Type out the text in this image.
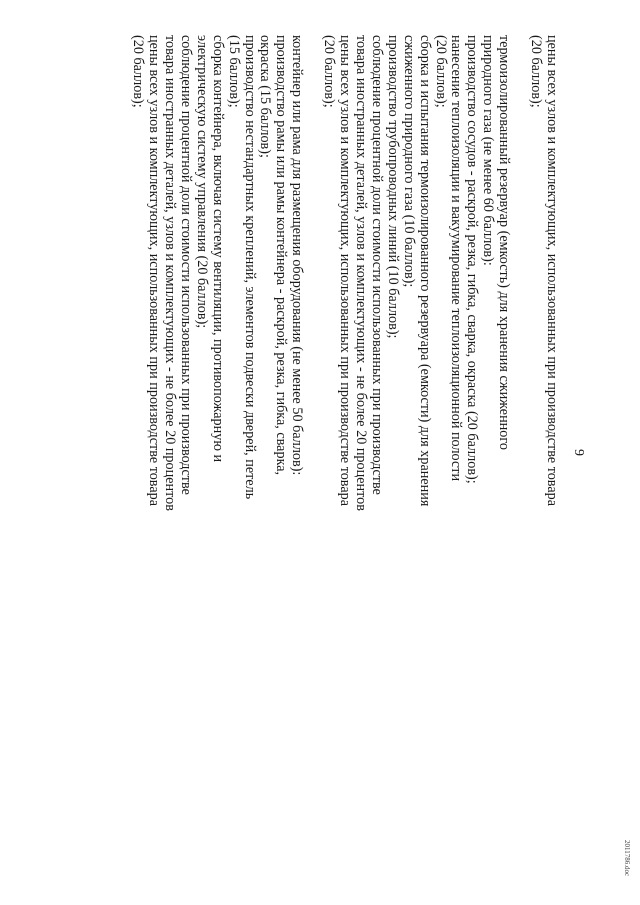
9

цены всех узлов и комплектующих, использованных при производстве товара

(20 баллов);

термоизолированный резервуар (емкость) для хранения сжиженного

природного газа (не менее 60 баллов):

производство сосудов - раскрой, резка, гибка, сварка, окраска (20 баллов);

нанесение теплоизоляции и вакуумирование теплоизоляционной полости

(20 баллов);

сборка и испытания термоизолированного резервуара (емкости) для хранения

сжиженного природного газа (10 баллов);

производство трубопроводных линий (10 баллов);

соблюдение процентной доли стоимости использованных при производстве

товара иностранных деталей, узлов и комплектующих - не более 20 процентов

цены всех узлов и комплектующих, использованных при производстве товара

(20 баллов);

контейнер или рама для размещения оборудования (не менее 50 баллов):

производство рамы или рамы контейнера - раскрой, резка, гибка, сварка,

окраска (15 баллов);

производство нестандартных креплений, элементов подвески дверей, петель

(15 баллов);

сборка контейнера, включая систему вентиляции, противопожарную и

электрическую систему управления (20 баллов);

соблюдение процентной доли стоимости использованных при производстве

товара иностранных деталей, узлов и комплектующих - не более 20 процентов

цены всех узлов и комплектующих, использованных при производстве товара

(20 баллов);

2011786.doc
